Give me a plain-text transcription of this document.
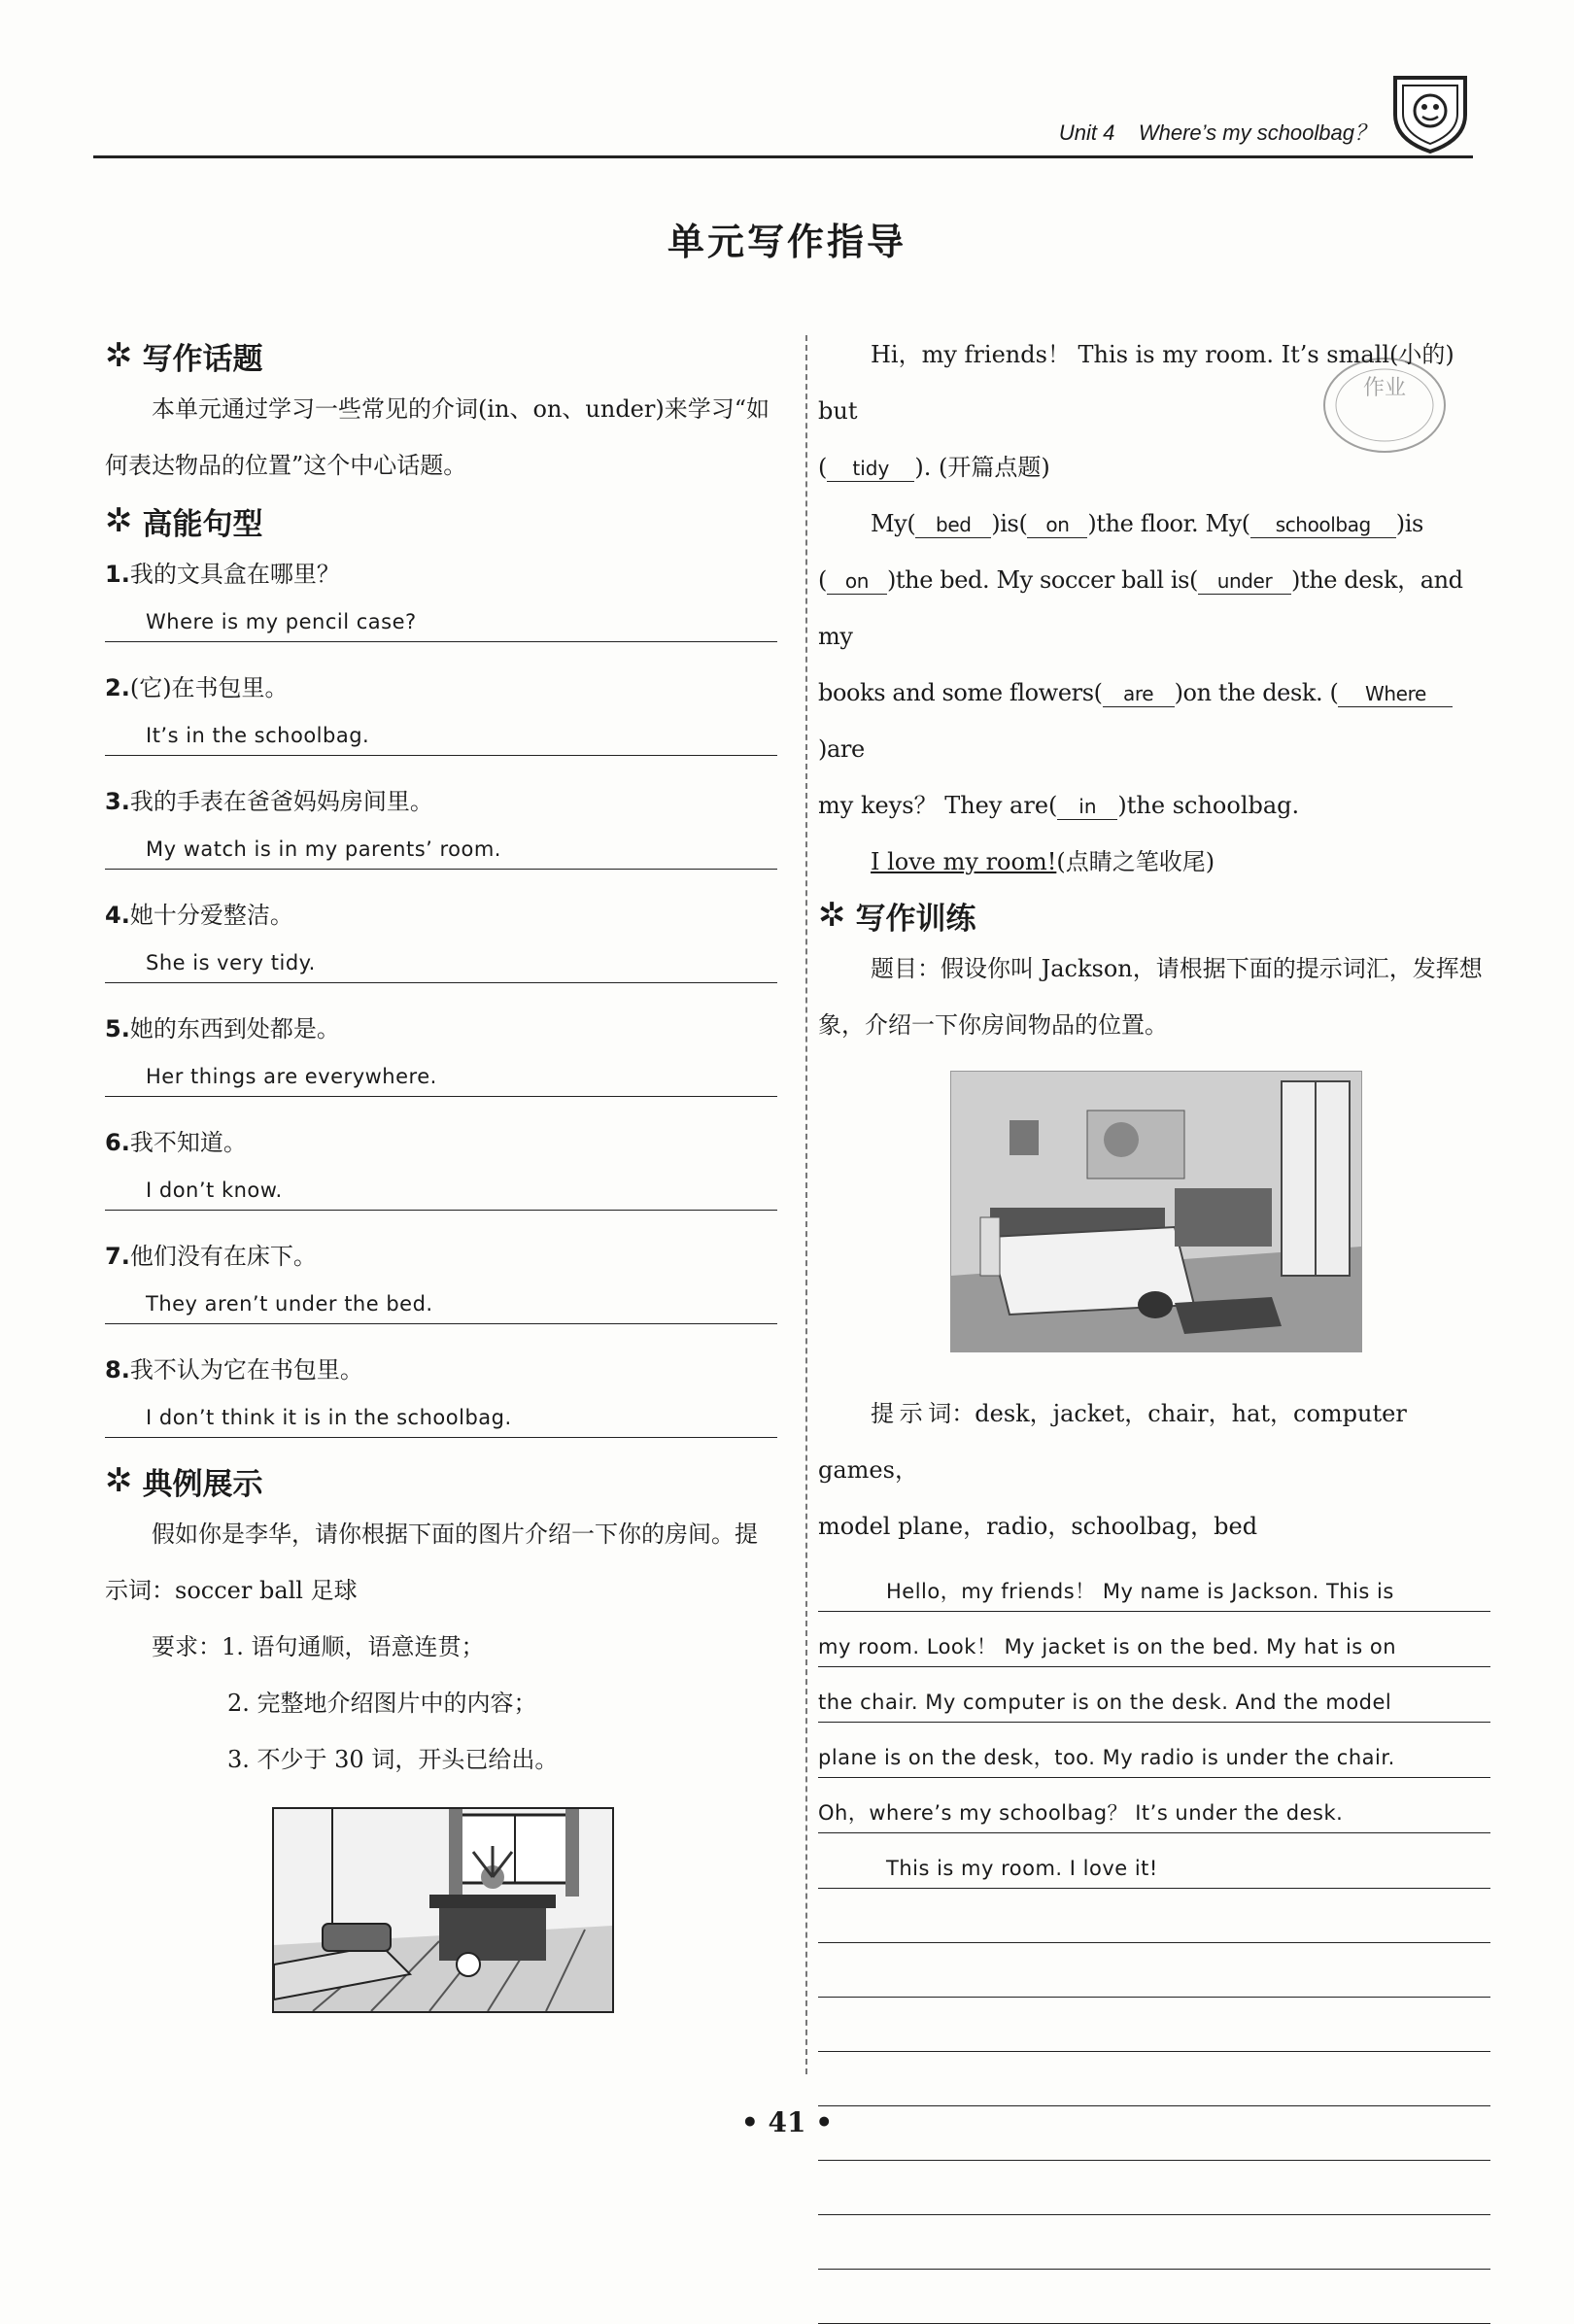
Unit 4 Where’s my schoolbag？
单元写作指导
作业
✲ 写作话题

本单元通过学习一些常见的介词(in、on、under)来学习“如何表达物品的位置”这个中心话题。

✲ 高能句型
1.我的文具盒在哪里？
Where is my pencil case?
2.(它)在书包里。
It’s in the schoolbag.
3.我的手表在爸爸妈妈房间里。
My watch is in my parents’ room.
4.她十分爱整洁。
She is very tidy.
5.她的东西到处都是。
Her things are everywhere.
6.我不知道。
I don’t know.
7.他们没有在床下。
They aren’t under the bed.
8.我不认为它在书包里。
I don’t think it is in the schoolbag.
✲ 典例展示

假如你是李华，请你根据下面的图片介绍一下你的房间。提示词：soccer ball 足球

要求：1. 语句通顺，语意连贯；

2. 完整地介绍图片中的内容；

3. 不少于 30 词，开头已给出。

Hi，my friends！ This is my room. It’s small(小的) but

( tidy ). (开篇点题)

My( bed )is( on )the floor. My( schoolbag )is

( on )the bed. My soccer ball is( under )the desk，and my

books and some flowers( are )on the desk. ( Where)are

my keys？ They are( in )the schoolbag.

I love my room!(点睛之笔收尾)

✲ 写作训练

题目：假设你叫 Jackson，请根据下面的提示词汇，发挥想象，介绍一下你房间物品的位置。

提 示 词：desk，jacket，chair，hat，computer games，

model plane，radio，schoolbag，bed

Hello，my friends！ My name is Jackson. This is
my room. Look！ My jacket is on the bed. My hat is on
the chair. My computer is on the desk. And the model
plane is on the desk，too. My radio is under the chair.
Oh，where’s my schoolbag？ It’s under the desk.
This is my room. I love it!
• 41 •
